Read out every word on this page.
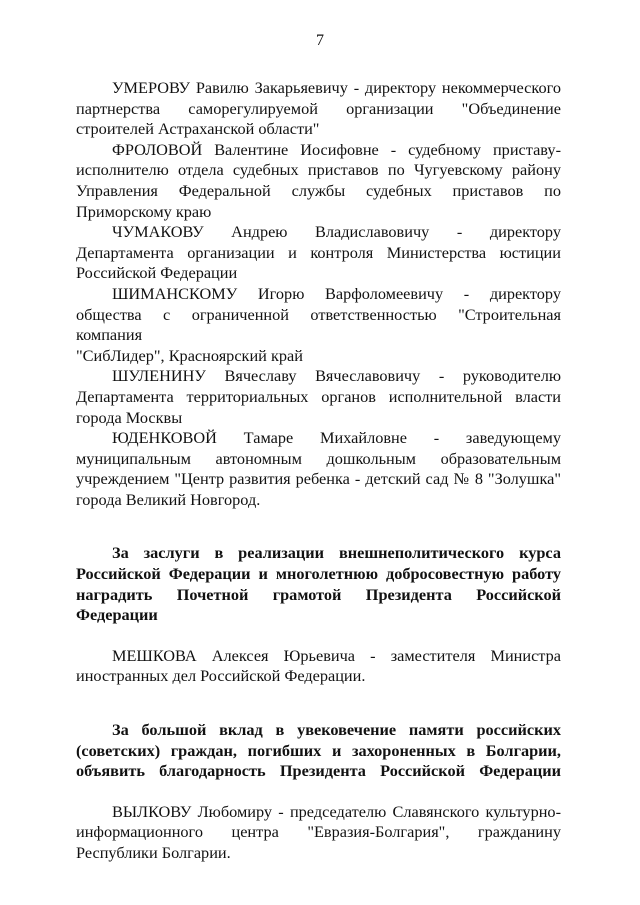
7
УМЕРОВУ Равилю Закарьяевичу - директору некоммерческого
партнерства саморегулируемой организации "Объединение
строителей Астраханской области"
ФРОЛОВОЙ Валентине Иосифовне - судебному приставу-
исполнителю отдела судебных приставов по Чугуевскому району
Управления Федеральной службы судебных приставов по
Приморскому краю
ЧУМАКОВУ Андрею Владиславовичу - директору
Департамента организации и контроля Министерства юстиции
Российской Федерации
ШИМАНСКОМУ Игорю Варфоломеевичу - директору
общества с ограниченной ответственностью "Строительная компания
"СибЛидер", Красноярский край
ШУЛЕНИНУ Вячеславу Вячеславовичу - руководителю
Департамента территориальных органов исполнительной власти
города Москвы
ЮДЕНКОВОЙ Тамаре Михайловне - заведующему
муниципальным автономным дошкольным образовательным
учреждением "Центр развития ребенка - детский сад № 8 "Золушка"
города Великий Новгород.
За заслуги в реализации внешнеполитического курса
Российской Федерации и многолетнюю добросовестную работу
наградить Почетной грамотой Президента Российской Федерации
МЕШКОВА Алексея Юрьевича - заместителя Министра
иностранных дел Российской Федерации.
За большой вклад в увековечение памяти российских
(советских) граждан, погибших и захороненных в Болгарии,
объявить благодарность Президента Российской Федерации
ВЫЛКОВУ Любомиру - председателю Славянского культурно-
информационного центра "Евразия-Болгария", гражданину
Республики Болгарии.
